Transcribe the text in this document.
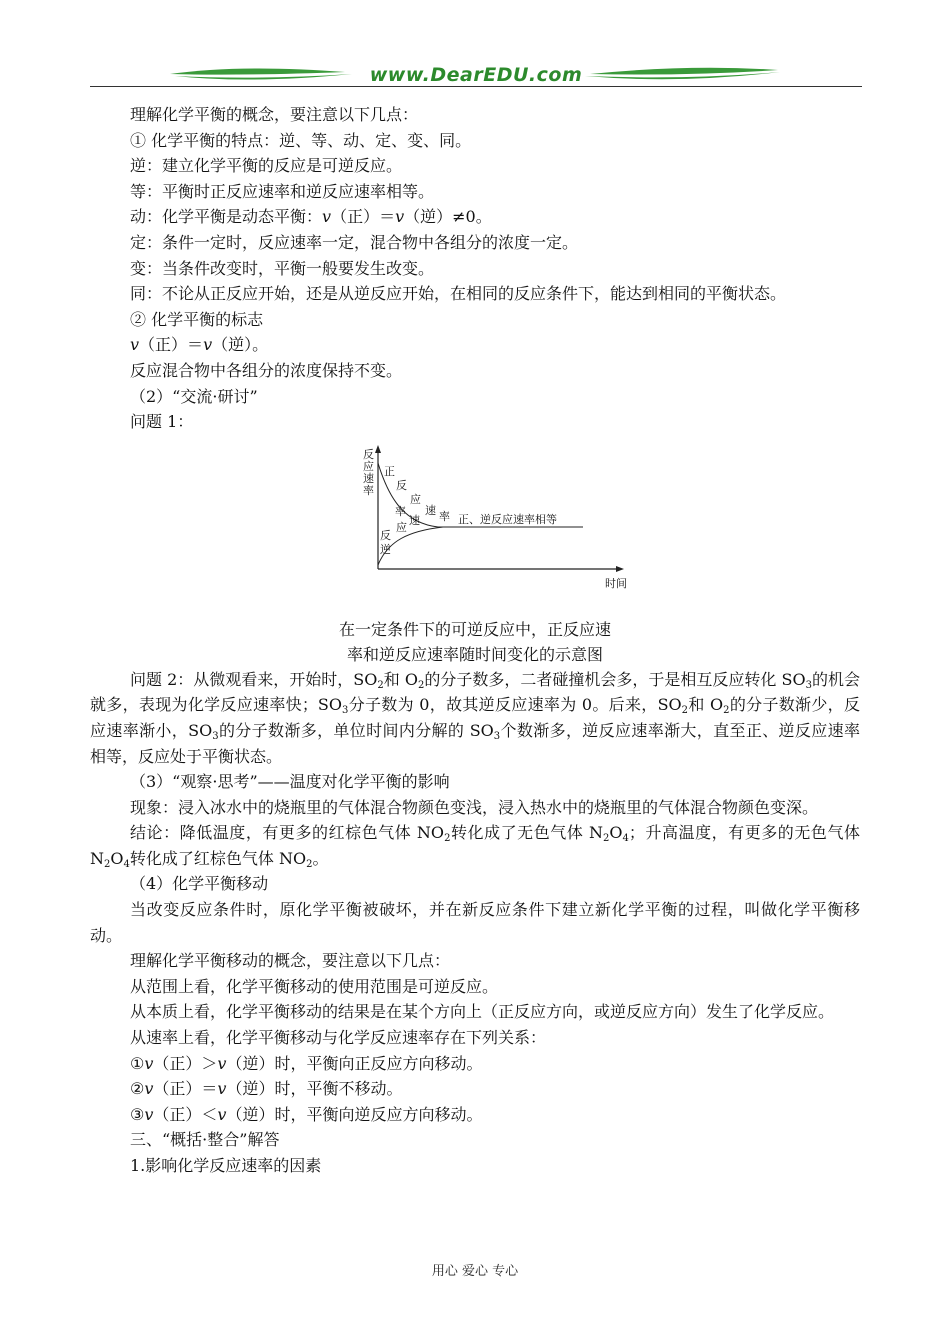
www.DearEDU.com

理解化学平衡的概念，要注意以下几点：

① 化学平衡的特点：逆、等、动、定、变、同。

逆：建立化学平衡的反应是可逆反应。

等：平衡时正反应速率和逆反应速率相等。

动：化学平衡是动态平衡：v（正）＝v（逆）≠0。

定：条件一定时，反应速率一定，混合物中各组分的浓度一定。

变：当条件改变时，平衡一般要发生改变。

同：不论从正反应开始，还是从逆反应开始，在相同的反应条件下，能达到相同的平衡状态。

② 化学平衡的标志

v（正）＝v（逆）。

反应混合物中各组分的浓度保持不变。

（2）“交流·研讨”

问题 1：

反
应
速
率
正
反
应
速 率
逆
反
应
速
率
正、逆反应速率相等
时间

在一定条件下的可逆反应中，正反应速

率和逆反应速率随时间变化的示意图

问题 2：从微观看来，开始时，$SO_2$和 $O_2$的分子数多，二者碰撞机会多，于是相互反应转化 $SO_3$的机会就多，表现为化学反应速率快；$SO_3$分子数为 0，故其逆反应速率为 0。后来，$SO_2$和 $O_2$的分子数渐少，反应速率渐小，$SO_3$的分子数渐多，单位时间内分解的 $SO_3$个数渐多，逆反应速率渐大，直至正、逆反应速率相等，反应处于平衡状态。

（3）“观察·思考”——温度对化学平衡的影响

现象：浸入冰水中的烧瓶里的气体混合物颜色变浅，浸入热水中的烧瓶里的气体混合物颜色变深。

结论：降低温度，有更多的红棕色气体 $NO_2$转化成了无色气体 $N_2O_4$；升高温度，有更多的无色气体 $N_2O_4$转化成了红棕色气体 $NO_2$。

（4）化学平衡移动

当改变反应条件时，原化学平衡被破坏，并在新反应条件下建立新化学平衡的过程，叫做化学平衡移动。

理解化学平衡移动的概念，要注意以下几点：

从范围上看，化学平衡移动的使用范围是可逆反应。

从本质上看，化学平衡移动的结果是在某个方向上（正反应方向，或逆反应方向）发生了化学反应。

从速率上看，化学平衡移动与化学反应速率存在下列关系：

①v（正）＞v（逆）时，平衡向正反应方向移动。

②v（正）＝v（逆）时，平衡不移动。

③v（正）＜v（逆）时，平衡向逆反应方向移动。

三、“概括·整合”解答

1.影响化学反应速率的因素

用心 爱心 专心
